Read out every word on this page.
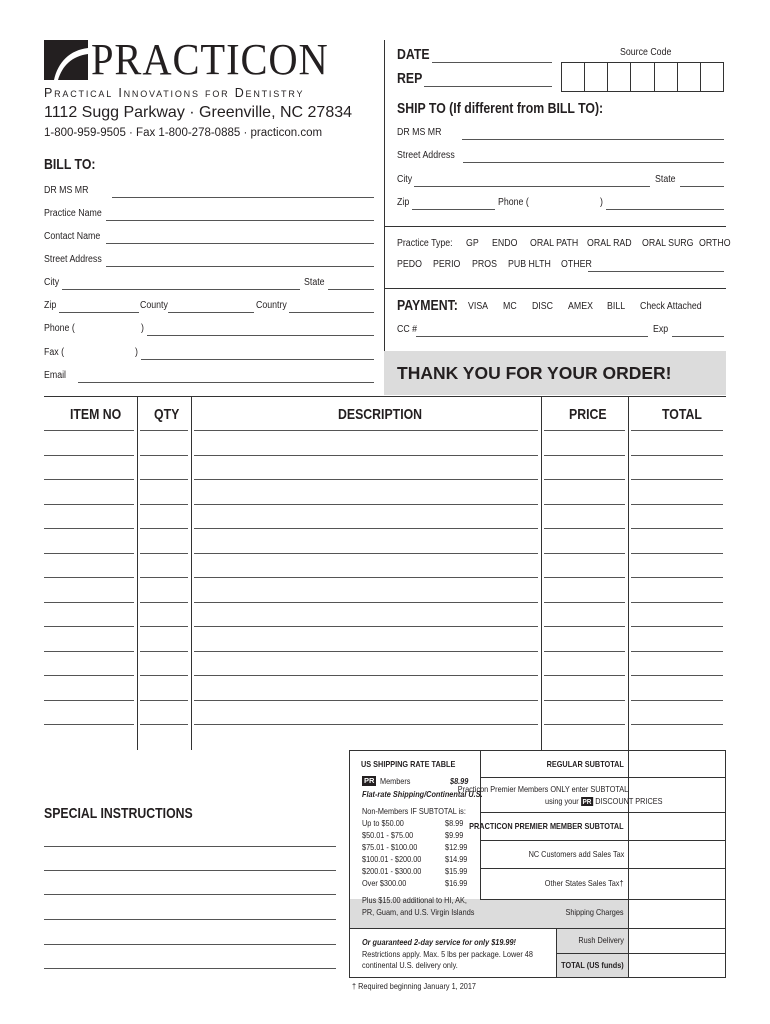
PRACTICON
Practical Innovations for Dentistry
1112 Sugg Parkway · Greenville, NC 27834
1-800-959-9505 · Fax 1-800-278-0885 · practicon.com
DATE
REP
Source Code
SHIP TO (If different from BILL TO):
DR MS MR
Street Address
City	State
Zip	Phone (	)
Practice Type: GP ENDO ORAL PATH ORAL RAD ORAL SURG ORTHO
PEDO PERIO PROS PUB HLTH OTHER
PAYMENT: VISA MC DISC AMEX BILL Check Attached
CC #	Exp
THANK YOU FOR YOUR ORDER!
BILL TO:
DR MS MR
Practice Name
Contact Name
Street Address
City	State
Zip	County	Country
Phone (	)
Fax (	)
Email
ITEM NO QTY	DESCRIPTION	PRICE	TOTAL
SPECIAL INSTRUCTIONS
US SHIPPING RATE TABLE
PR Members	$8.99
Flat-rate Shipping/Continental U.S.
Non-Members IF SUBTOTAL is:
Up to $50.00	$8.99
$50.01 - $75.00	$9.99
$75.01 - $100.00	$12.99
$100.01 - $200.00	$14.99
$200.01 - $300.00	$15.99
Over $300.00	$16.99
Plus $15.00 additional to HI, AK,
PR, Guam, and U.S. Virgin Islands
Or guaranteed 2-day service for only $19.99!
Restrictions apply. Max. 5 lbs per package. Lower 48
continental U.S. delivery only.
REGULAR SUBTOTAL
Practicon Premier Members ONLY enter SUBTOTAL
using your PR DISCOUNT PRICES
PRACTICON PREMIER MEMBER SUBTOTAL
NC Customers add Sales Tax
Other States Sales Tax†
Shipping Charges
Rush Delivery
TOTAL (US funds)
† Required beginning January 1, 2017
